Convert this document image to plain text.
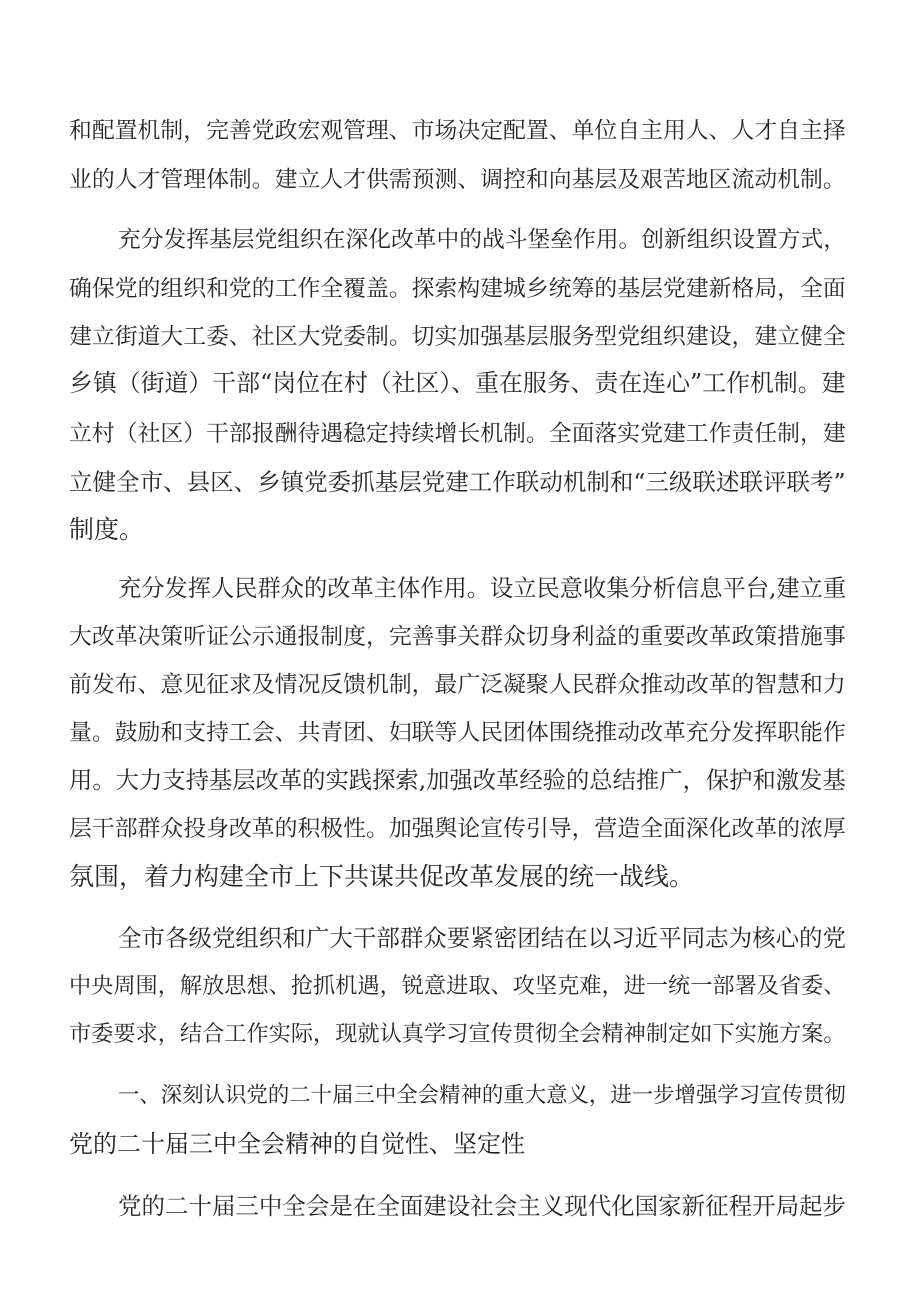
和配置机制，完善党政宏观管理、市场决定配置、单位自主用人、人才自主择
业的人才管理体制。建立人才供需预测、调控和向基层及艰苦地区流动机制。
充分发挥基层党组织在深化改革中的战斗堡垒作用。创新组织设置方式，
确保党的组织和党的工作全覆盖。探索构建城乡统筹的基层党建新格局，全面
建立街道大工委、社区大党委制。切实加强基层服务型党组织建设，建立健全
乡镇（街道）干部“岗位在村（社区）、重在服务、责在连心”工作机制。建
立村（社区）干部报酬待遇稳定持续增长机制。全面落实党建工作责任制，建
立健全市、县区、乡镇党委抓基层党建工作联动机制和“三级联述联评联考”
制度。
充分发挥人民群众的改革主体作用。设立民意收集分析信息平台,建立重
大改革决策听证公示通报制度，完善事关群众切身利益的重要改革政策措施事
前发布、意见征求及情况反馈机制，最广泛凝聚人民群众推动改革的智慧和力
量。鼓励和支持工会、共青团、妇联等人民团体围绕推动改革充分发挥职能作
用。大力支持基层改革的实践探索,加强改革经验的总结推广，保护和激发基
层干部群众投身改革的积极性。加强舆论宣传引导，营造全面深化改革的浓厚
氛围，着力构建全市上下共谋共促改革发展的统一战线。
全市各级党组织和广大干部群众要紧密团结在以习近平同志为核心的党
中央周围，解放思想、抢抓机遇，锐意进取、攻坚克难，进一统一部署及省委、
市委要求，结合工作实际，现就认真学习宣传贯彻全会精神制定如下实施方案。
一、深刻认识党的二十届三中全会精神的重大意义，进一步增强学习宣传贯彻
党的二十届三中全会精神的自觉性、坚定性
党的二十届三中全会是在全面建设社会主义现代化国家新征程开局起步
